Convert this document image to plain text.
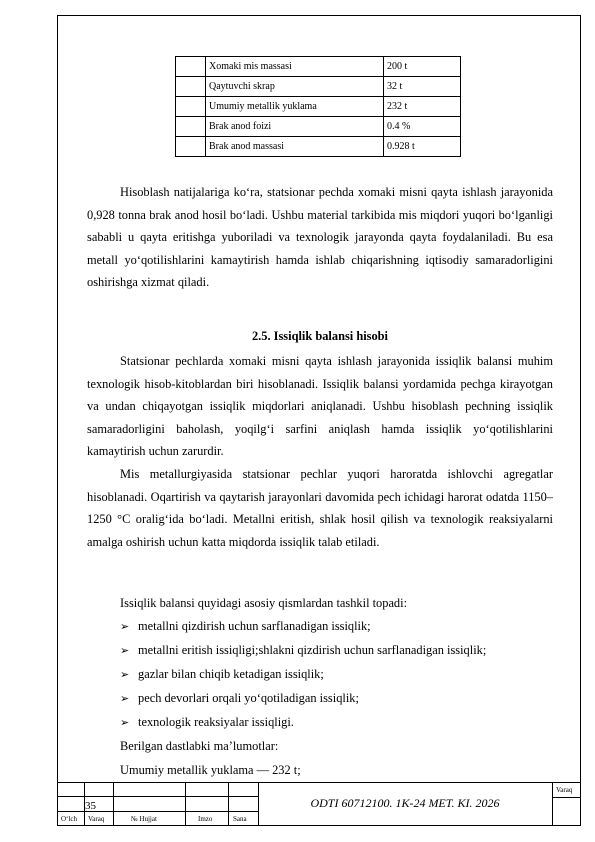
	Xomaki mis massasi	200 t
	Qaytuvchi skrap	32 t
	Umumiy metallik yuklama	232 t
	Brak anod foizi	0.4 %
	Brak anod massasi	0.928 t

Hisoblash natijalariga ko‘ra, statsionar pechda xomaki misni qayta ishlash jarayonida 0,928 tonna brak anod hosil bo‘ladi. Ushbu material tarkibida mis miqdori yuqori bo‘lganligi sababli u qayta eritishga yuboriladi va texnologik jarayonda qayta foydalaniladi. Bu esa metall yo‘qotilishlarini kamaytirish hamda ishlab chiqarishning iqtisodiy samaradorligini oshirishga xizmat qiladi.

2.5. Issiqlik balansi hisobi

Statsionar pechlarda xomaki misni qayta ishlash jarayonida issiqlik balansi muhim texnologik hisob-kitoblardan biri hisoblanadi. Issiqlik balansi yordamida pechga kirayotgan va undan chiqayotgan issiqlik miqdorlari aniqlanadi. Ushbu hisoblash pechning issiqlik samaradorligini baholash, yoqilg‘i sarfini aniqlash hamda issiqlik yo‘qotilishlarini kamaytirish uchun zarurdir.

Mis metallurgiyasida statsionar pechlar yuqori haroratda ishlovchi agregatlar hisoblanadi. Oqartirish va qaytarish jarayonlari davomida pech ichidagi harorat odatda 1150–1250 °C oralig‘ida bo‘ladi. Metallni eritish, shlak hosil qilish va texnologik reaksiyalarni amalga oshirish uchun katta miqdorda issiqlik talab etiladi.

Issiqlik balansi quyidagi asosiy qismlardan tashkil topadi:
➢ metallni qizdirish uchun sarflanadigan issiqlik;
➢ metallni eritish issiqligi;shlakni qizdirish uchun sarflanadigan issiqlik;
➢ gazlar bilan chiqib ketadigan issiqlik;
➢ pech devorlari orqali yo‘qotiladigan issiqlik;
➢ texnologik reaksiyalar issiqligi.
Berilgan dastlabki ma’lumotlar:
Umumiy metallik yuklama — 232 t;
35	ODTI 60712100. 1K-24 MET. KI. 2026
Varaq
O‘lch Varaq	№ Hujjat	Imzo	Sana
